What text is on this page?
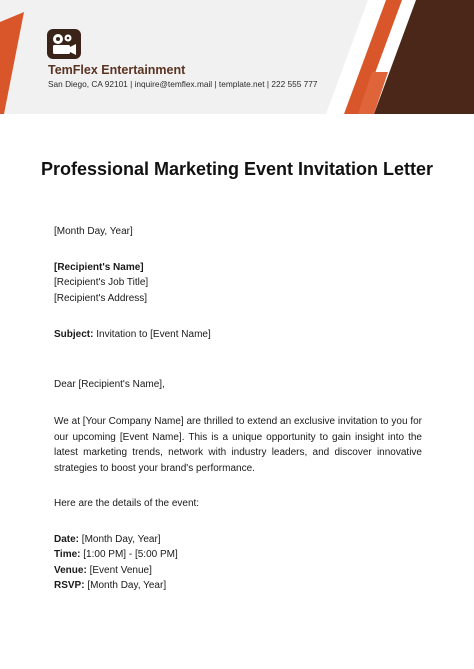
TemFlex Entertainment
San Diego, CA 92101 | inquire@temflex.mail | template.net | 222 555 777
Professional Marketing Event Invitation Letter
[Month Day, Year]
[Recipient's Name]
[Recipient's Job Title]
[Recipient's Address]
Subject: Invitation to [Event Name]
Dear [Recipient's Name],
We at [Your Company Name] are thrilled to extend an exclusive invitation to you for our upcoming [Event Name]. This is a unique opportunity to gain insight into the latest marketing trends, network with industry leaders, and discover innovative strategies to boost your brand's performance.
Here are the details of the event:
Date: [Month Day, Year]
Time: [1:00 PM] - [5:00 PM]
Venue: [Event Venue]
RSVP: [Month Day, Year]
